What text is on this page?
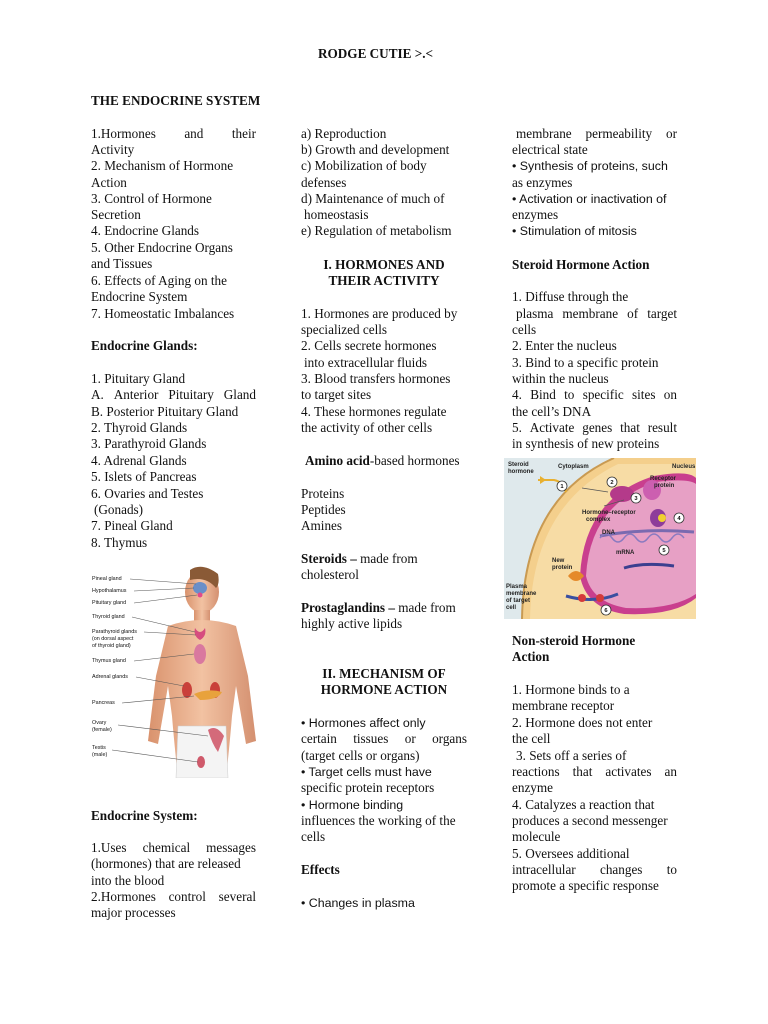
RODGE CUTIE >.<
THE ENDOCRINE SYSTEM
1.Hormones and their
Activity
2. Mechanism of Hormone
Action
3. Control of Hormone
Secretion
4. Endocrine Glands
5. Other Endocrine Organs
and Tissues
6. Effects of Aging on the
Endocrine System
7. Homeostatic Imbalances
Endocrine Glands:
1. Pituitary Gland
A. Anterior Pituitary Gland
B. Posterior Pituitary Gland
2. Thyroid Glands
3. Parathyroid Glands
4. Adrenal Glands
5. Islets of Pancreas
6. Ovaries and Testes
(Gonads)
7. Pineal Gland
8. Thymus
Pineal gland
Hypothalamus
Pituitary gland
Thyroid gland
Parathyroid glands
(on dorsal aspect
of thyroid gland)
Thymus gland
Adrenal glands
Pancreas
Ovary
(female)
Testis
(male)
Endocrine System:
1.Uses chemical messages
(hormones) that are released
into the blood
2.Hormones control several
major processes
a) Reproduction
b) Growth and development
c) Mobilization of body
defenses
d) Maintenance of much of
homeostasis
e) Regulation of metabolism
I. HORMONES AND
THEIR ACTIVITY
1. Hormones are produced by
specialized cells
2. Cells secrete hormones
into extracellular fluids
3. Blood transfers hormones
to target sites
4. These hormones regulate
the activity of other cells
Amino acid-based hormones
Proteins
Peptides
Amines
Steroids – made from
cholesterol
Prostaglandins – made from
highly active lipids
II. MECHANISM OF
HORMONE ACTION
• Hormones affect only
certain tissues or organs
(target cells or organs)
• Target cells must have
specific protein receptors
• Hormone binding
influences the working of the
cells
Effects
• Changes in plasma
membrane permeability or
electrical state
• Synthesis of proteins, such
as enzymes
• Activation or inactivation of
enzymes
• Stimulation of mitosis
Steroid Hormone Action
1. Diffuse through the
plasma membrane of target
cells
2. Enter the nucleus
3. Bind to a specific protein
within the nucleus
4. Bind to specific sites on
the cell’s DNA
5. Activate genes that result
in synthesis of new proteins
1
2
3
4
5
6
Steroid
hormone
Cytoplasm	Nucleus
Receptor
protein
Hormone–receptor
complex
DNA
mRNA
New
protein
Plasma
membrane
of target
cell
Non-steroid Hormone
Action
1. Hormone binds to a
membrane receptor
2. Hormone does not enter
the cell
3. Sets off a series of
reactions that activates an
enzyme
4. Catalyzes a reaction that
produces a second messenger
molecule
5. Oversees additional
intracellular changes to
promote a specific response
